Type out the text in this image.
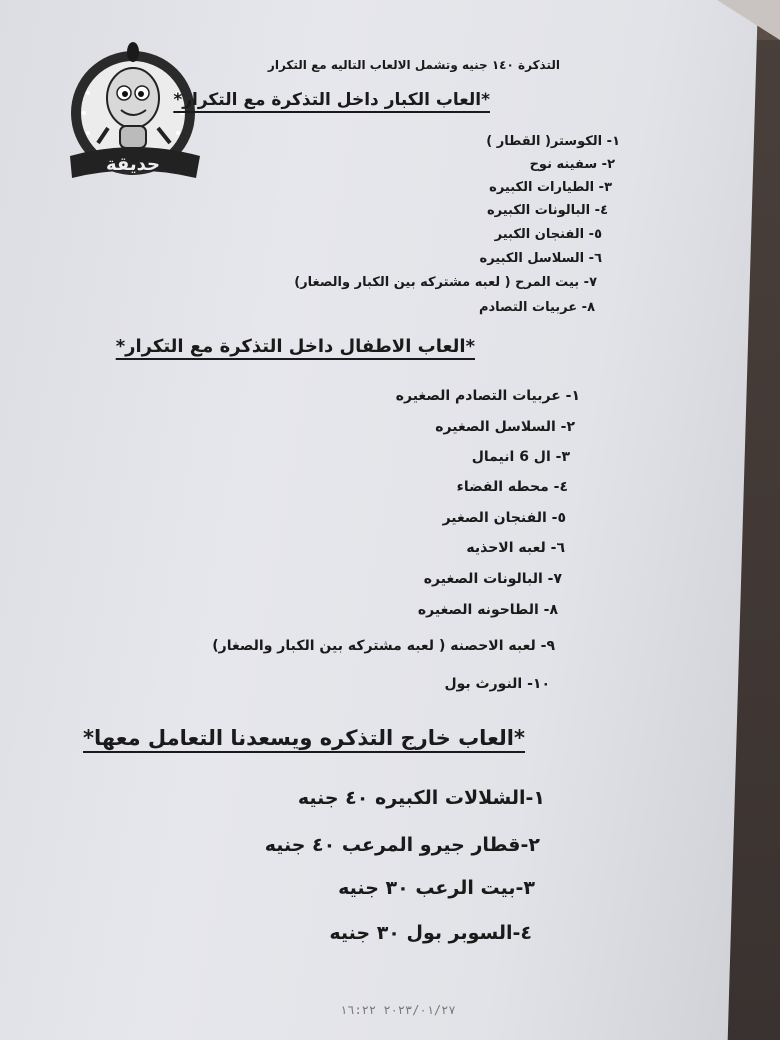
حديقة
التذكرة ١٤٠ جنيه وتشمل الالعاب التاليه مع التكرار
*العاب الكبار داخل التذكرة مع التكرار*
١- الكوستر( القطار )
٢- سفينه نوح
٣- الطيارات الكبيره
٤- البالونات الكبيره
٥- الفنجان الكبير
٦- السلاسل الكبيره
٧- بيت المرح ( لعبه مشتركه بين الكبار والصغار)
٨- عربيات التصادم
*العاب الاطفال داخل التذكرة مع التكرار*
١- عربيات التصادم الصغيره
٢- السلاسل الصغيره
٣- ال 6 انيمال
٤- محطه الفضاء
٥- الفنجان الصغير
٦- لعبه الاحذيه
٧- البالونات الصغيره
٨- الطاحونه الصغيره
٩- لعبه الاحصنه ( لعبه مشتركه بين الكبار والصغار)
١٠- النورث بول
*العاب خارج التذكره ويسعدنا التعامل معها*
١-الشلالات الكبيره ٤٠ جنيه
٢-قطار جيرو المرعب ٤٠ جنيه
٣-بيت الرعب ٣٠ جنيه
٤-السوبر بول ٣٠ جنيه
٢٠٢٣/٠١/٢٧ ١٦:٢٢
